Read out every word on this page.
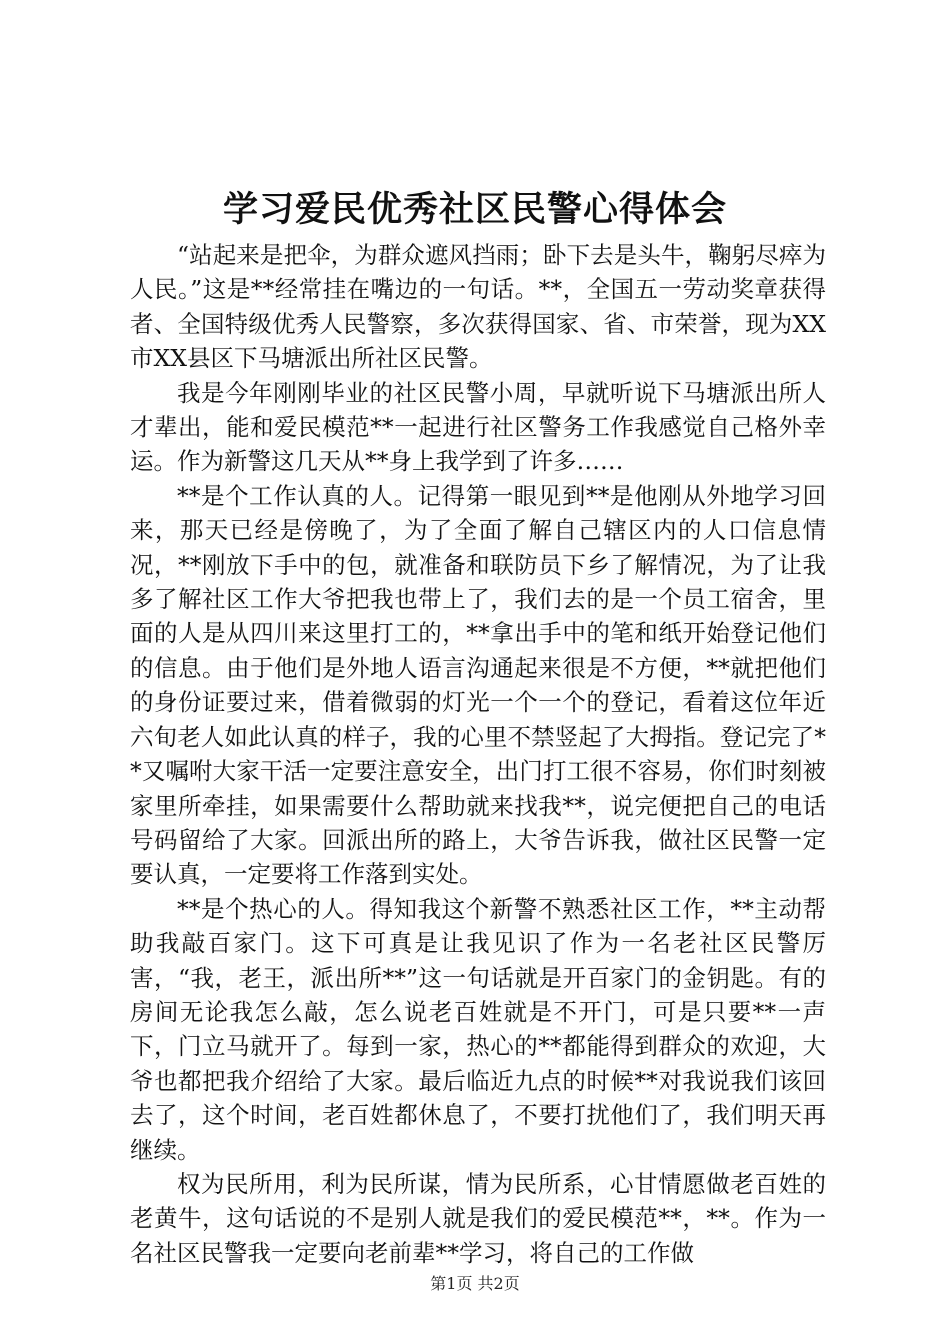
学习爱民优秀社区民警心得体会

“站起来是把伞，为群众遮风挡雨；卧下去是头牛，鞠躬尽瘁为人民。”这是**经常挂在嘴边的一句话。**，全国五一劳动奖章获得者、全国特级优秀人民警察，多次获得国家、省、市荣誉，现为XX市XX县区下马塘派出所社区民警。

我是今年刚刚毕业的社区民警小周，早就听说下马塘派出所人才辈出，能和爱民模范**一起进行社区警务工作我感觉自己格外幸运。作为新警这几天从**身上我学到了许多……

**是个工作认真的人。记得第一眼见到**是他刚从外地学习回来，那天已经是傍晚了，为了全面了解自己辖区内的人口信息情况，**刚放下手中的包，就准备和联防员下乡了解情况，为了让我多了解社区工作大爷把我也带上了，我们去的是一个员工宿舍，里面的人是从四川来这里打工的，**拿出手中的笔和纸开始登记他们的信息。由于他们是外地人语言沟通起来很是不方便，**就把他们的身份证要过来，借着微弱的灯光一个一个的登记，看着这位年近六旬老人如此认真的样子，我的心里不禁竖起了大拇指。登记完了**又嘱咐大家干活一定要注意安全，出门打工很不容易，你们时刻被家里所牵挂，如果需要什么帮助就来找我**，说完便把自己的电话号码留给了大家。回派出所的路上，大爷告诉我，做社区民警一定要认真，一定要将工作落到实处。

**是个热心的人。得知我这个新警不熟悉社区工作，**主动帮助我敲百家门。这下可真是让我见识了作为一名老社区民警厉害，“我，老王，派出所**”这一句话就是开百家门的金钥匙。有的房间无论我怎么敲，怎么说老百姓就是不开门，可是只要**一声下，门立马就开了。每到一家，热心的**都能得到群众的欢迎，大爷也都把我介绍给了大家。最后临近九点的时候**对我说我们该回去了，这个时间，老百姓都休息了，不要打扰他们了，我们明天再继续。

权为民所用，利为民所谋，情为民所系，心甘情愿做老百姓的老黄牛，这句话说的不是别人就是我们的爱民模范**，**。作为一名社区民警我一定要向老前辈**学习，将自己的工作做

第1页 共2页
